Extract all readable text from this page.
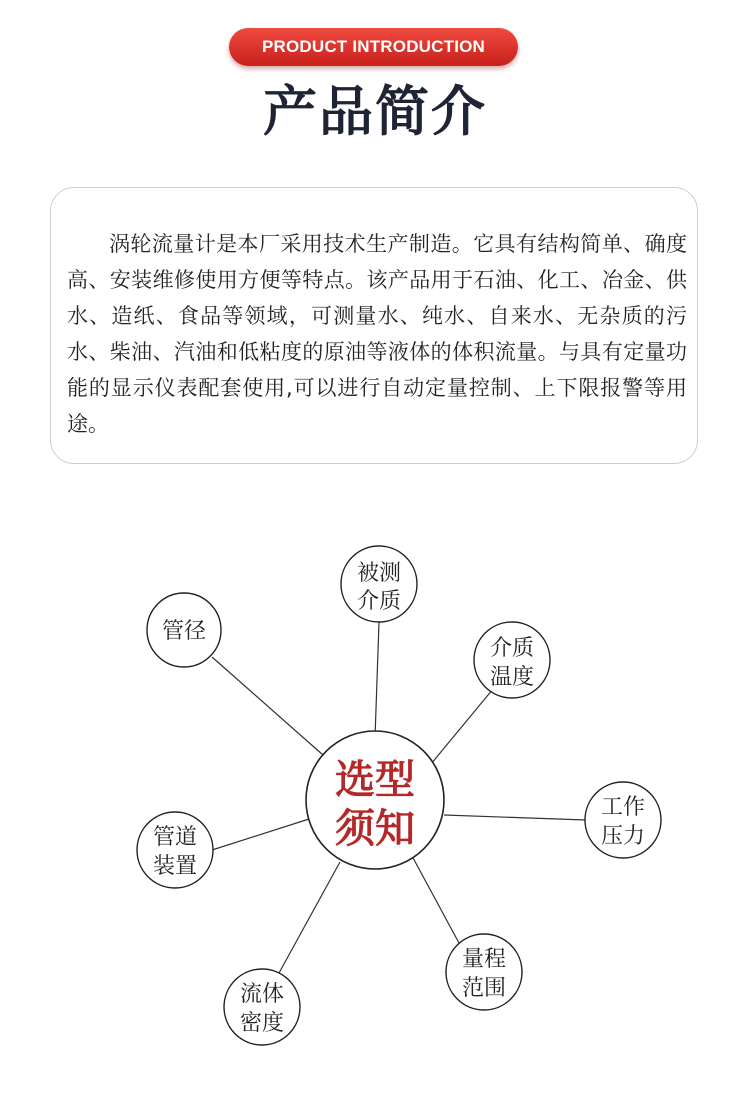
PRODUCT INTRODUCTION
产品简介

涡轮流量计是本厂采用技术生产制造。它具有结构简单、确度高、安装维修使用方便等特点。该产品用于石油、化工、冶金、供水、造纸、食品等领域，可测量水、纯水、自来水、无杂质的污水、柴油、汽油和低粘度的原油等液体的体积流量。与具有定量功能的显示仪表配套使用,可以进行自动定量控制、上下限报警等用途。

选型
须知
管径
被测
介质
介质
温度
工作
压力
量程
范围
流体
密度
管道
装置
